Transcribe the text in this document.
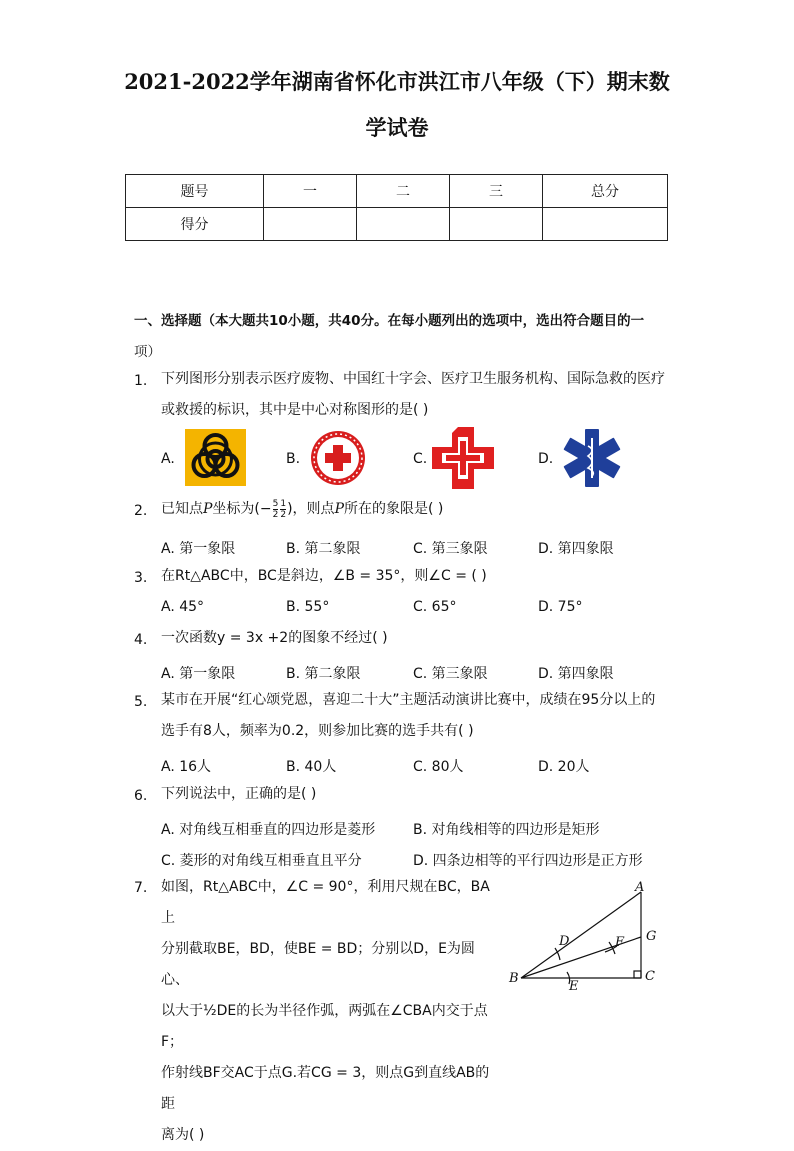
2021-2022学年湖南省怀化市洪江市八年级（下）期末数
学试卷
题号	一	二	三	总分
得分				
一、选择题（本大题共10小题，共40分。在每小题列出的选项中，选出符合题目的一
项）
1. 下列图形分别表示医疗废物、中国红十字会、医疗卫生服务机构、国际急救的医疗
或救援的标识，其中是中心对称图形的是( )
A.	B.	C.	D.
2. 已知点P坐标为(− $\frac{5}{2} \frac{1}{2}$ )，则点P所在的象限是( )
A. 第一象限	B. 第二象限	C. 第三象限	D. 第四象限
3. 在Rt△ABC中，BC是斜边，∠B = 35°，则∠C = ( )
A. 45°	B. 55°	C. 65°	D. 75°
4. 一次函数y = 3x +2的图象不经过( )
A. 第一象限	B. 第二象限	C. 第三象限	D. 第四象限
5. 某市在开展“红心颂党恩，喜迎二十大”主题活动演讲比赛中，成绩在95分以上的
选手有8人，频率为0.2，则参加比赛的选手共有( )
A. 16人	B. 40人	C. 80人	D. 20人
6. 下列说法中，正确的是( )
A. 对角线互相垂直的四边形是菱形	B. 对角线相等的四边形是矩形
C. 菱形的对角线互相垂直且平分	D. 四条边相等的平行四边形是正方形
7. 如图，Rt△ABC中，∠C = 90°，利用尺规在BC，BA上
分别截取BE，BD，使BE = BD；分别以D，E为圆心、
以大于½DE的长为半径作弧，两弧在∠CBA内交于点F；
作射线BF交AC于点G.若CG = 3，则点G到直线AB的距
离为( )
A
B	C
D
E
F G
